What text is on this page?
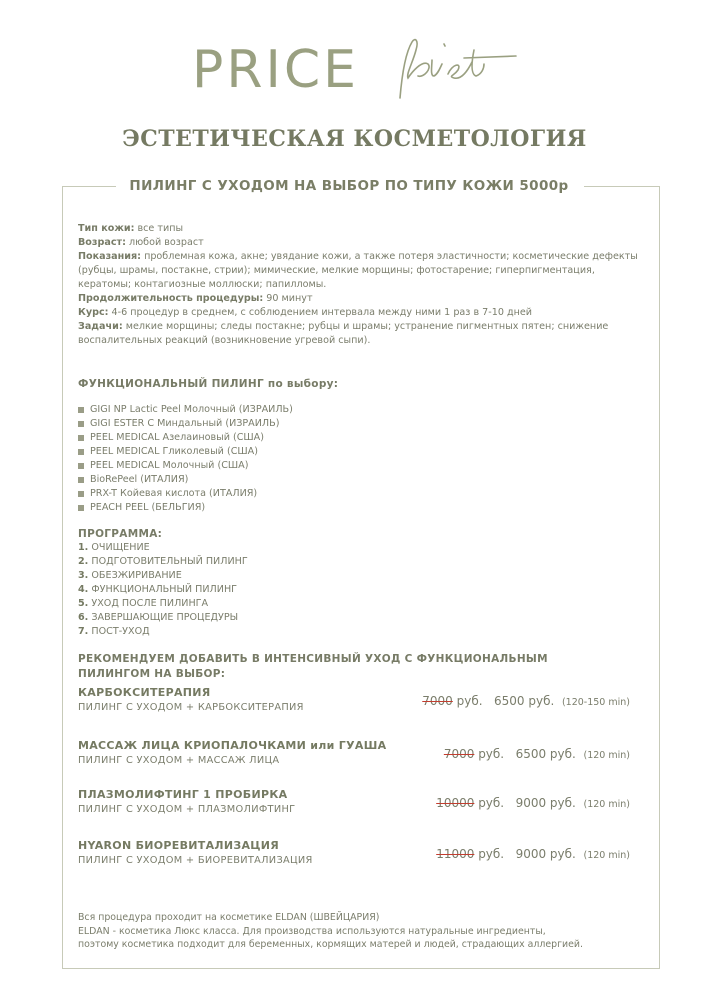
PRICE
ЭСТЕТИЧЕСКАЯ КОСМЕТОЛОГИЯ
ПИЛИНГ С УХОДОМ НА ВЫБОР ПО ТИПУ КОЖИ 5000р
Тип кожи: все типы
Возраст: любой возраст
Показания: проблемная кожа, акне; увядание кожи, а также потеря эластичности; косметические дефекты (рубцы, шрамы, постакне, стрии); мимические, мелкие морщины; фотостарение; гиперпигментация, кератомы; контагиозные моллюски; папилломы.
Продолжительность процедуры: 90 минут
Курс: 4-6 процедур в среднем, с соблюдением интервала между ними 1 раз в 7-10 дней
Задачи: мелкие морщины; следы постакне; рубцы и шрамы; устранение пигментных пятен; снижение воспалительных реакций (возникновение угревой сыпи).
ФУНКЦИОНАЛЬНЫЙ ПИЛИНГ по выбору:
GIGI NP Lactic Peel Молочный (ИЗРАИЛЬ)
GIGI ESTER C Миндальный (ИЗРАИЛЬ)
PEEL MEDICAL Азелаиновый (США)
PEEL MEDICAL Гликолевый (США)
PEEL MEDICAL Молочный (США)
BioRePeel (ИТАЛИЯ)
PRX-T Койевая кислота (ИТАЛИЯ)
PEACH PEEL (БЕЛЬГИЯ)
ПРОГРАММА:
1. ОЧИЩЕНИЕ
2. ПОДГОТОВИТЕЛЬНЫЙ ПИЛИНГ
3. ОБЕЗЖИРИВАНИЕ
4. ФУНКЦИОНАЛЬНЫЙ ПИЛИНГ
5. УХОД ПОСЛЕ ПИЛИНГА
6. ЗАВЕРШАЮЩИЕ ПРОЦЕДУРЫ
7. ПОСТ-УХОД
РЕКОМЕНДУЕМ ДОБАВИТЬ В ИНТЕНСИВНЫЙ УХОД С ФУНКЦИОНАЛЬНЫМ ПИЛИНГОМ НА ВЫБОР:
КАРБОКСИТЕРАПИЯ
ПИЛИНГ С УХОДОМ + КАРБОКСИТЕРАПИЯ	7000 руб. 6500 руб. (120-150 min)
МАССАЖ ЛИЦА КРИОПАЛОЧКАМИ или ГУАША
ПИЛИНГ С УХОДОМ + МАССАЖ ЛИЦА	7000 руб. 6500 руб. (120 min)
ПЛАЗМОЛИФТИНГ 1 ПРОБИРКА
ПИЛИНГ С УХОДОМ + ПЛАЗМОЛИФТИНГ	10000 руб. 9000 руб. (120 min)
HYARON БИОРЕВИТАЛИЗАЦИЯ
ПИЛИНГ С УХОДОМ + БИОРЕВИТАЛИЗАЦИЯ	11000 руб. 9000 руб. (120 min)
Вся процедура проходит на косметике ELDAN (ШВЕЙЦАРИЯ)
ELDAN - косметика Люкс класса. Для производства используются натуральные ингредиенты,
поэтому косметика подходит для беременных, кормящих матерей и людей, страдающих аллергией.
